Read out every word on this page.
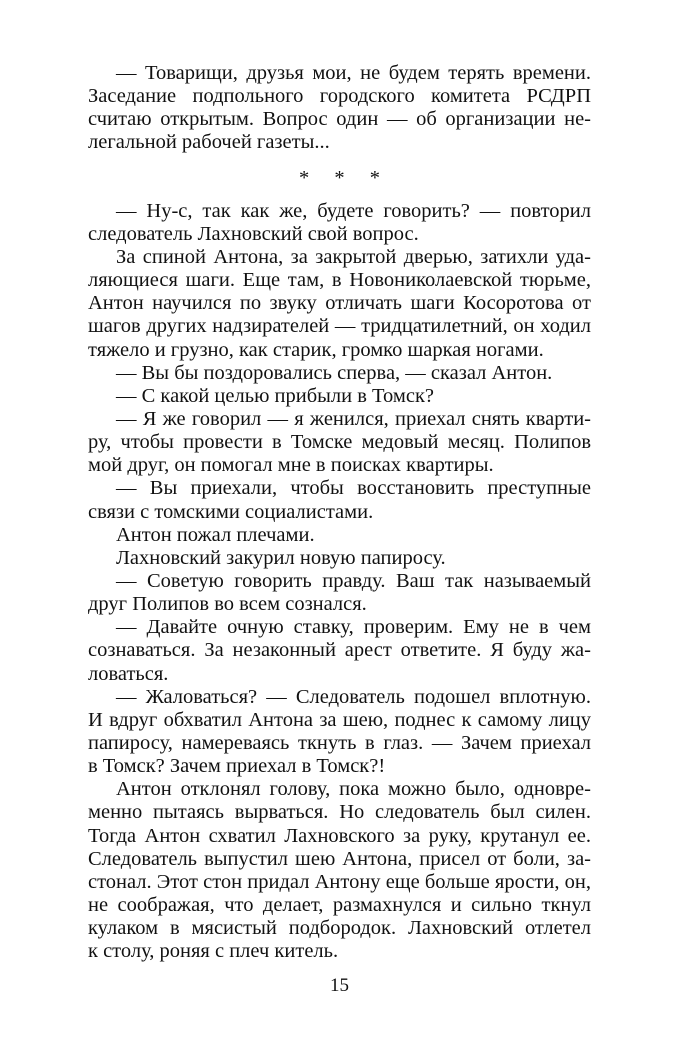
— Товарищи, друзья мои, не будем терять времени.
Заседание подпольного городского комитета РСДРП
считаю открытым. Вопрос один — об организации не-
легальной рабочей газеты...
* * *
— Ну-с, так как же, будете говорить? — повторил
следователь Лахновский свой вопрос.
За спиной Антона, за закрытой дверью, затихли уда-
ляющиеся шаги. Еще там, в Новониколаевской тюрьме,
Антон научился по звуку отличать шаги Косоротова от
шагов других надзирателей — тридцатилетний, он ходил
тяжело и грузно, как старик, громко шаркая ногами.
— Вы бы поздоровались сперва, — сказал Антон.
— С какой целью прибыли в Томск?
— Я же говорил — я женился, приехал снять кварти-
ру, чтобы провести в Томске медовый месяц. Полипов
мой друг, он помогал мне в поисках квартиры.
— Вы приехали, чтобы восстановить преступные
связи с томскими социалистами.
Антон пожал плечами.
Лахновский закурил новую папиросу.
— Советую говорить правду. Ваш так называемый
друг Полипов во всем сознался.
— Давайте очную ставку, проверим. Ему не в чем
сознаваться. За незаконный арест ответите. Я буду жа-
ловаться.
— Жаловаться? — Следователь подошел вплотную.
И вдруг обхватил Антона за шею, поднес к самому лицу
папиросу, намереваясь ткнуть в глаз. — Зачем приехал
в Томск? Зачем приехал в Томск?!
Антон отклонял голову, пока можно было, одновре-
менно пытаясь вырваться. Но следователь был силен.
Тогда Антон схватил Лахновского за руку, крутанул ее.
Следователь выпустил шею Антона, присел от боли, за-
стонал. Этот стон придал Антону еще больше ярости, он,
не соображая, что делает, размахнулся и сильно ткнул
кулаком в мясистый подбородок. Лахновский отлетел
к столу, роняя с плеч китель.
15
